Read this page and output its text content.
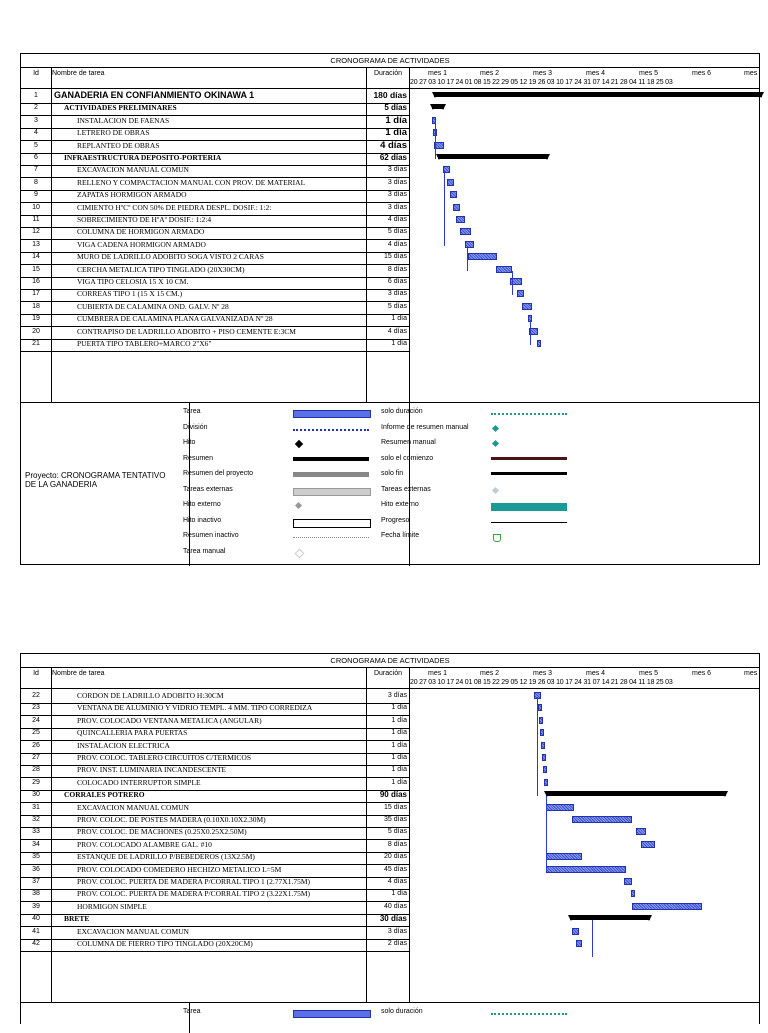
CRONOGRAMA DE ACTIVIDADES
Id	Nombre de tarea	Duración	mes 1	mes 2	mes 3	mes 4	mes 5	mes 6	mes
20 27 03 10 17 24 01 08 15 22 29 05 12 19 26 03 10 17 24 31 07 14 21 28 04 11 18 25 03
1	GANADERIA EN CONFIANMIENTO OKINAWA 1	180 días
2	ACTIVIDADES PRELIMINARES	5 días
3	INSTALACION DE FAENAS	1 día
4	LETRERO DE OBRAS	1 día
5	REPLANTEO DE OBRAS	4 días
6	INFRAESTRUCTURA DEPOSITO-PORTERIA	62 días
7	EXCAVACION MANUAL COMUN	3 días
8	RELLENO Y COMPACTACION MANUAL CON PROV. DE MATERIAL	3 días
9	ZAPATAS HORMIGON ARMADO	3 días
10	CIMIENTO HºCº CON 50% DE PIEDRA DESPL. DOSIF.: 1:2:	3 días
11	SOBRECIMIENTO DE HºAº DOSIF.: 1:2:4	4 días
12	COLUMNA DE HORMIGON ARMADO	5 días
13	VIGA CADENA HORMIGON ARMADO	4 días
14	MURO DE LADRILLO ADOBITO SOGA VISTO 2 CARAS	15 días
15	CERCHA METALICA TIPO TINGLADO (20X30CM)	8 días
16	VIGA TIPO CELOSIA 15 X 10 CM.	6 días
17	CORREAS TIPO 1 (15 X 15 CM.)	3 días
18	CUBIERTA DE CALAMINA OND. GALV. Nº 28	5 días
19	CUMBRERA DE CALAMINA PLANA GALVANIZADA Nº 28	1 día
20	CONTRAPISO DE LADRILLO ADOBITO + PISO CEMENTE E:3CM	4 días
21	PUERTA TIPO TABLERO+MARCO 2"X6"	1 día
Proyecto: CRONOGRAMA TENTATIVO DE LA GANADERIA
Tarea
División
Hito
Resumen
Resumen del proyecto
Tareas externas
Hito externo
Hito inactivo
Resumen inactivo
Tarea manual
solo duración
Informe de resumen manual
Resumen manual
solo el comienzo
solo fin
Tareas externas
Hito externo
Progreso
Fecha límite
CRONOGRAMA DE ACTIVIDADES
Id	Nombre de tarea	Duración	mes 1	mes 2	mes 3	mes 4	mes 5	mes 6	mes
20 27 03 10 17 24 01 08 15 22 29 05 12 19 26 03 10 17 24 31 07 14 21 28 04 11 18 25 03
22	CORDON DE LADRILLO ADOBITO H:30CM	3 días
23	VENTANA DE ALUMINIO Y VIDRIO TEMPL. 4 MM. TIPO CORREDIZA	1 día
24	PROV. COLOCADO VENTANA METALICA (ANGULAR)	1 día
25	QUINCALLERIA PARA PUERTAS	1 día
26	INSTALACION ELECTRICA	1 día
27	PROV. COLOC. TABLERO CIRCUITOS C/TERMICOS	1 día
28	PROV. INST. LUMINARIA INCANDESCENTE	1 día
29	COLOCADO INTERRUPTOR SIMPLE	1 día
30	CORRALES POTRERO	90 días
31	EXCAVACION MANUAL COMUN	15 días
32	PROV. COLOC. DE POSTES MADERA (0.10X0.10X2.30M)	35 días
33	PROV. COLOC. DE MACHONES (0.25X0.25X2.50M)	5 días
34	PROV. COLOCADO ALAMBRE GAL. #10	8 días
35	ESTANQUE DE LADRILLO P/BEBEDEROS (13X2.5M)	20 días
36	PROV. COLOCADO COMEDERO HECHIZO METALICO L=5M	45 días
37	PROV. COLOC. PUERTA DE MADERA P/CORRAL TIPO 1 (2.77X1.75M)	4 días
38	PROV. COLOC. PUERTA DE MADERA P/CORRAL TIPO 2 (3.22X1.75M)	1 día
39	HORMIGON SIMPLE	40 días
40	BRETE	30 días
41	EXCAVACION MANUAL COMUN	3 días
42	COLUMNA DE FIERRO TIPO TINGLADO (20X20CM)	2 días
Tarea	solo duración
